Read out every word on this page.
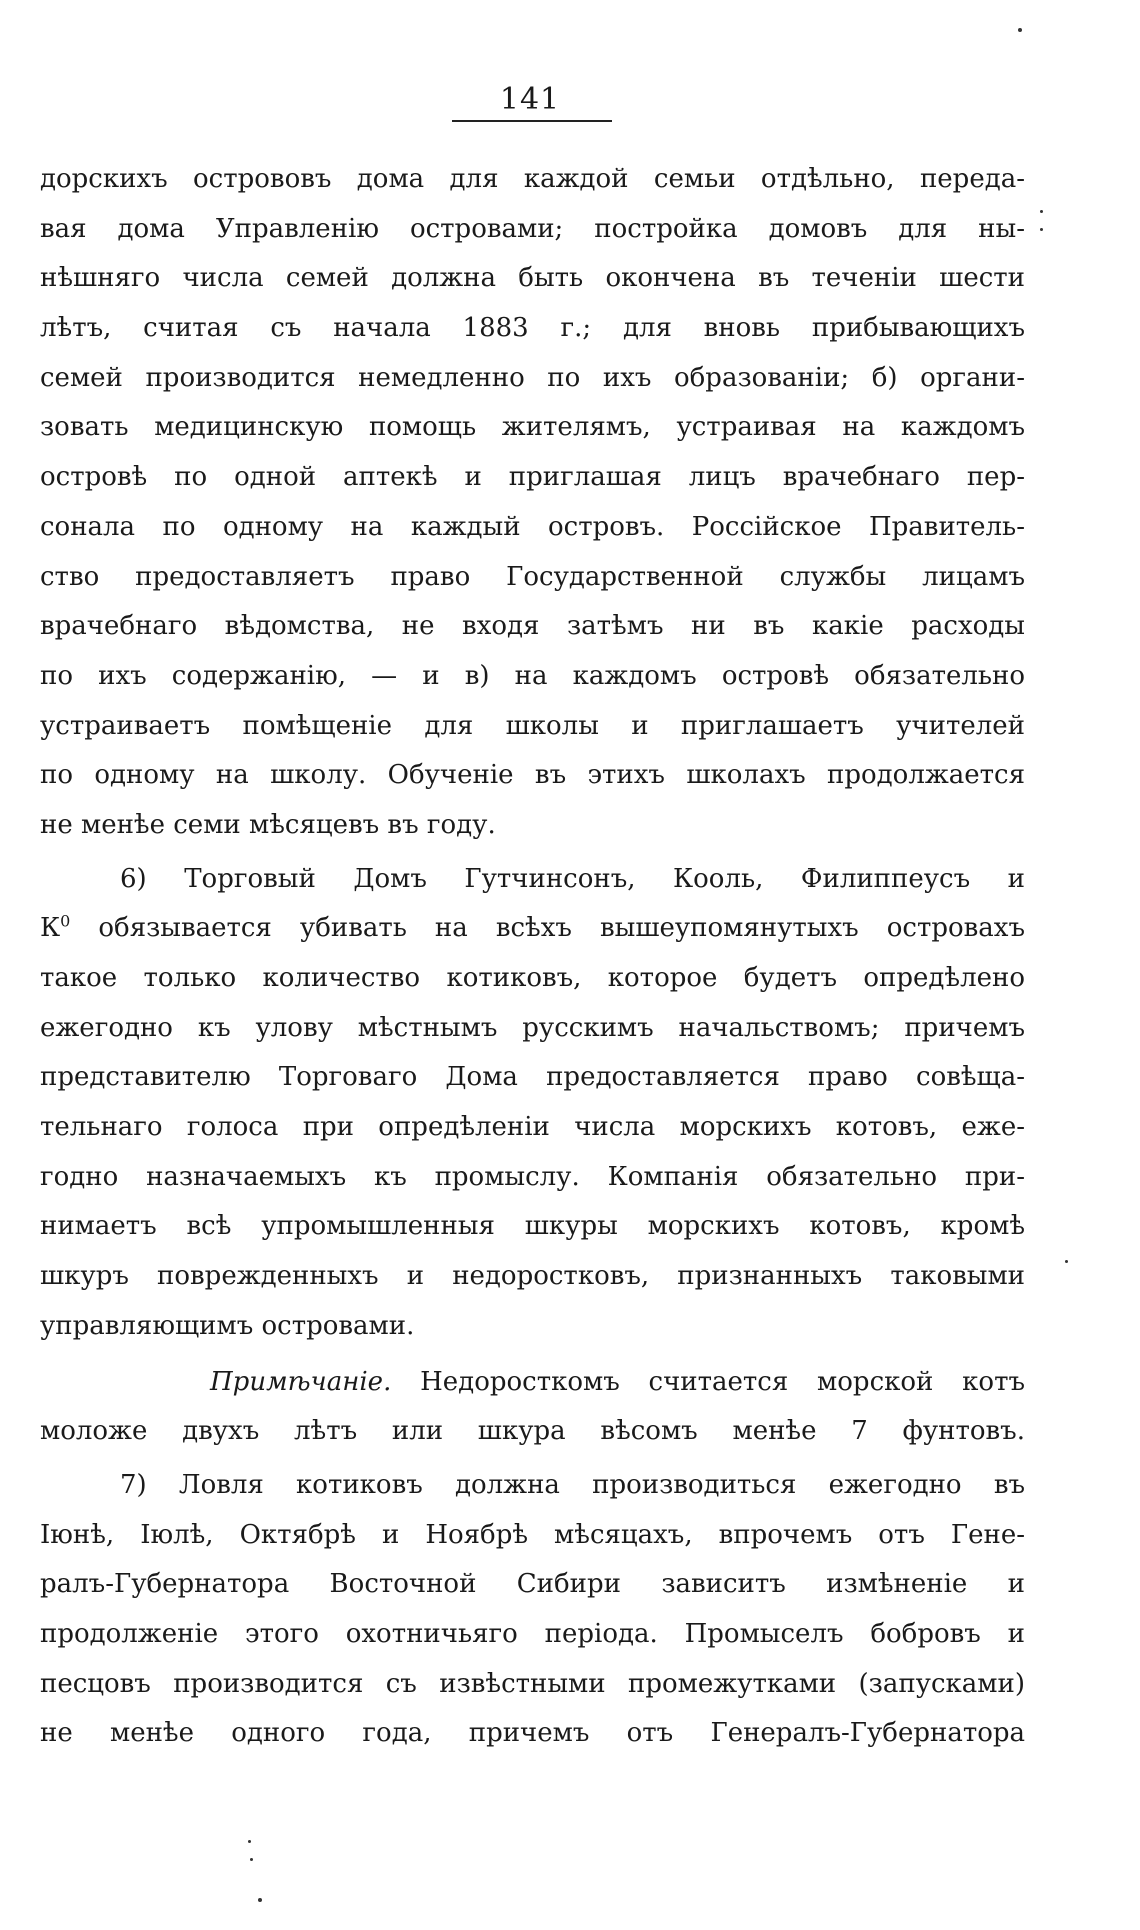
141
дорскихъ острововъ дома для каждой семьи отдѣльно, переда-
вая дома Управленію островами; постройка домовъ для ны-
нѣшняго числа семей должна быть окончена въ теченіи шести
лѣтъ, считая съ начала 1883 г.; для вновь прибывающихъ
семей производится немедленно по ихъ образованіи; б) органи-
зовать медицинскую помощь жителямъ, устраивая на каждомъ
островѣ по одной аптекѣ и приглашая лицъ врачебнаго пер-
сонала по одному на каждый островъ. Россійское Правитель-
ство предоставляетъ право Государственной службы лицамъ
врачебнаго вѣдомства, не входя затѣмъ ни въ какіе расходы
по ихъ содержанію, — и в) на каждомъ островѣ обязательно
устраиваетъ помѣщеніе для школы и приглашаетъ учителей
по одному на школу. Обученіе въ этихъ школахъ продолжается
не менѣе семи мѣсяцевъ въ году.
6) Торговый Домъ Гутчинсонъ, Кооль, Филиппеусъ и
$К^0$ обязывается убивать на всѣхъ вышеупомянутыхъ островахъ
такое только количество котиковъ, которое будетъ опредѣлено
ежегодно къ улову мѣстнымъ русскимъ начальствомъ; причемъ
представителю Торговаго Дома предоставляется право совѣща-
тельнаго голоса при опредѣленіи числа морскихъ котовъ, еже-
годно назначаемыхъ къ промыслу. Компанія обязательно при-
нимаетъ всѣ упромышленныя шкуры морскихъ котовъ, кромѣ
шкуръ поврежденныхъ и недоростковъ, признанныхъ таковыми
управляющимъ островами.
Примѣчаніе. Недоросткомъ считается морской котъ
моложе двухъ лѣтъ или шкура вѣсомъ менѣе 7 фунтовъ.
7) Ловля котиковъ должна производиться ежегодно въ
Іюнѣ, Іюлѣ, Октябрѣ и Ноябрѣ мѣсяцахъ, впрочемъ отъ Гене-
ралъ-Губернатора Восточной Сибири зависитъ измѣненіе и
продолженіе этого охотничьяго періода. Промыселъ бобровъ и
песцовъ производится съ извѣстными промежутками (запусками)
не менѣе одного года, причемъ отъ Генералъ-Губернатора
